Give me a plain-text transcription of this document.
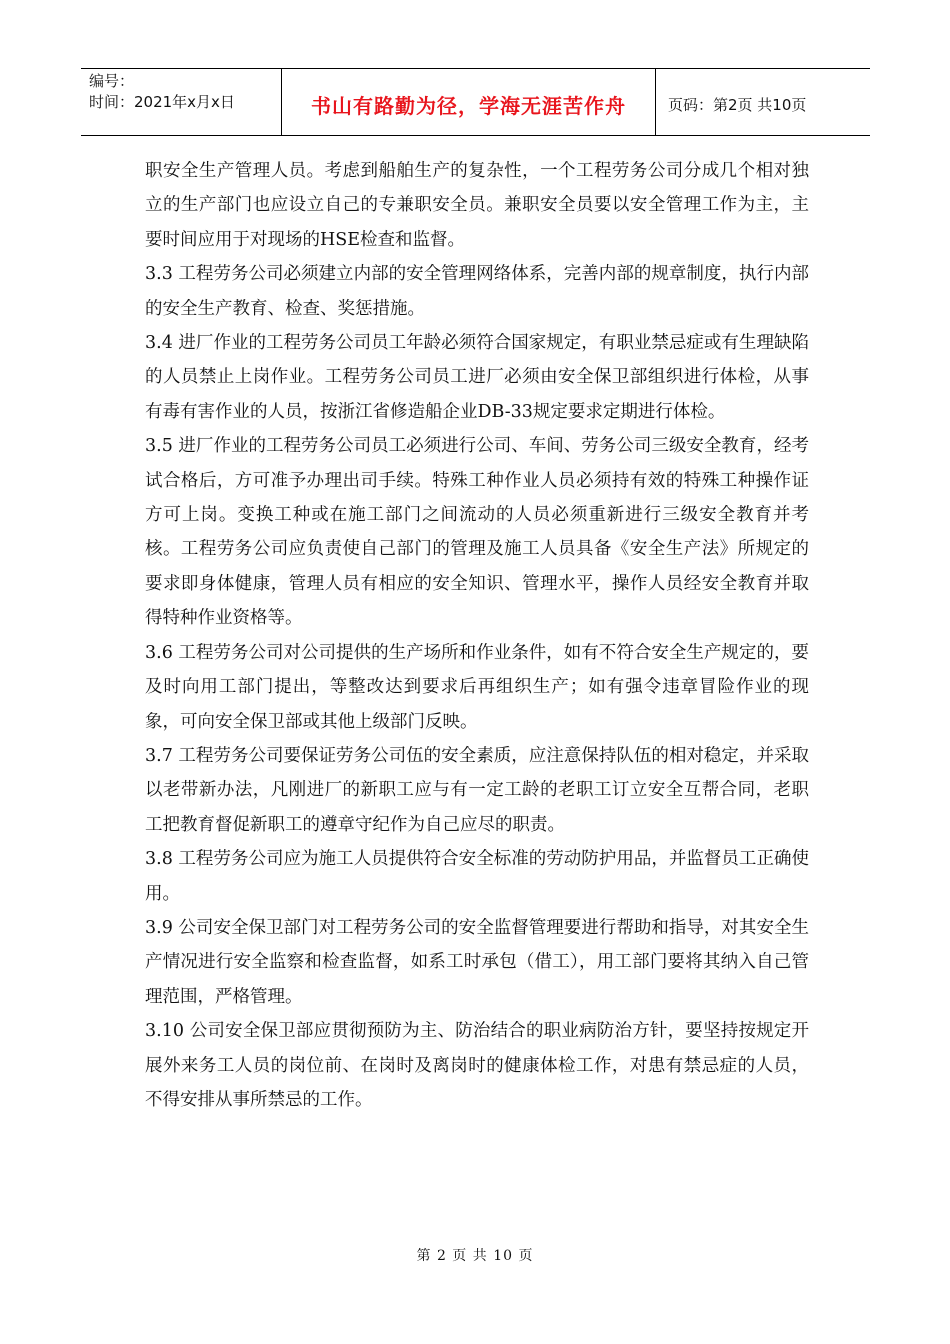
编号：
时间：2021年x月x日	书山有路勤为径，学海无涯苦作舟	页码：第2页 共10页

职安全生产管理人员。考虑到船舶生产的复杂性，一个工程劳务公司分成几个相对独立的生产部门也应设立自己的专兼职安全员。兼职安全员要以安全管理工作为主，主要时间应用于对现场的HSE检查和监督。

3.3 工程劳务公司必须建立内部的安全管理网络体系，完善内部的规章制度，执行内部的安全生产教育、检查、奖惩措施。

3.4 进厂作业的工程劳务公司员工年龄必须符合国家规定，有职业禁忌症或有生理缺陷的人员禁止上岗作业。工程劳务公司员工进厂必须由安全保卫部组织进行体检，从事有毒有害作业的人员，按浙江省修造船企业DB-33规定要求定期进行体检。

3.5 进厂作业的工程劳务公司员工必须进行公司、车间、劳务公司三级安全教育，经考试合格后，方可准予办理出司手续。特殊工种作业人员必须持有效的特殊工种操作证方可上岗。变换工种或在施工部门之间流动的人员必须重新进行三级安全教育并考核。工程劳务公司应负责使自己部门的管理及施工人员具备《安全生产法》所规定的要求即身体健康，管理人员有相应的安全知识、管理水平，操作人员经安全教育并取得特种作业资格等。

3.6 工程劳务公司对公司提供的生产场所和作业条件，如有不符合安全生产规定的，要及时向用工部门提出，等整改达到要求后再组织生产；如有强令违章冒险作业的现象，可向安全保卫部或其他上级部门反映。

3.7 工程劳务公司要保证劳务公司伍的安全素质，应注意保持队伍的相对稳定，并采取以老带新办法，凡刚进厂的新职工应与有一定工龄的老职工订立安全互帮合同，老职工把教育督促新职工的遵章守纪作为自己应尽的职责。

3.8 工程劳务公司应为施工人员提供符合安全标准的劳动防护用品，并监督员工正确使用。

3.9 公司安全保卫部门对工程劳务公司的安全监督管理要进行帮助和指导，对其安全生产情况进行安全监察和检查监督，如系工时承包（借工），用工部门要将其纳入自己管理范围，严格管理。

3.10 公司安全保卫部应贯彻预防为主、防治结合的职业病防治方针，要坚持按规定开展外来务工人员的岗位前、在岗时及离岗时的健康体检工作，对患有禁忌症的人员，不得安排从事所禁忌的工作。

第 2 页 共 10 页
